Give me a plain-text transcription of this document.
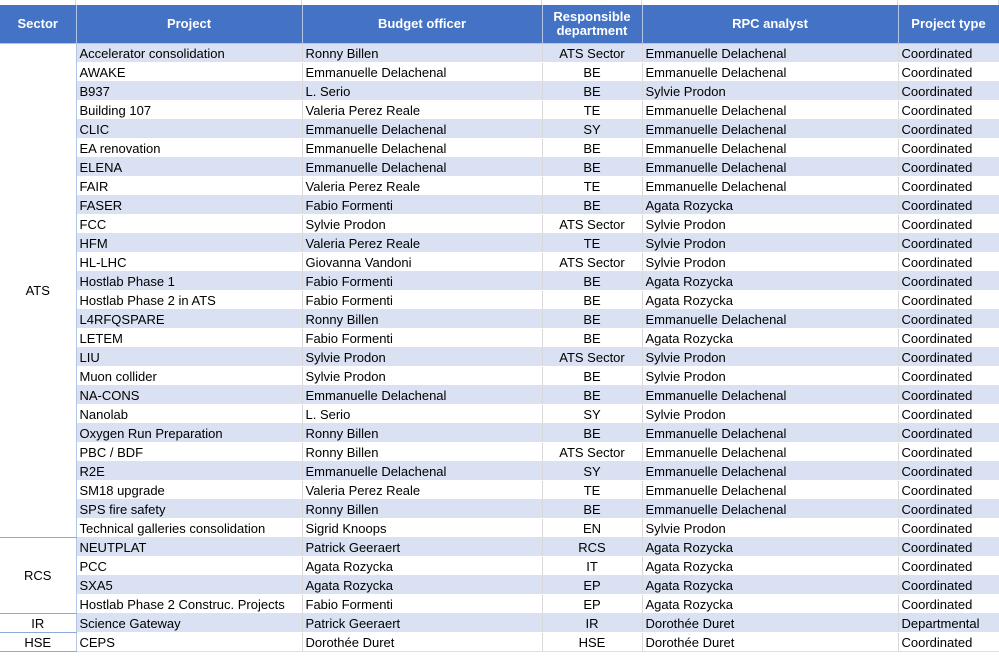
Sector	Project	Budget officer	Responsible department	RPC analyst	Project type
ATS	Accelerator consolidation	Ronny Billen	ATS Sector	Emmanuelle Delachenal	Coordinated
	AWAKE	Emmanuelle Delachenal	BE	Emmanuelle Delachenal	Coordinated
	B937	L. Serio	BE	Sylvie Prodon	Coordinated
	Building 107	Valeria Perez Reale	TE	Emmanuelle Delachenal	Coordinated
	CLIC	Emmanuelle Delachenal	SY	Emmanuelle Delachenal	Coordinated
	EA renovation	Emmanuelle Delachenal	BE	Emmanuelle Delachenal	Coordinated
	ELENA	Emmanuelle Delachenal	BE	Emmanuelle Delachenal	Coordinated
	FAIR	Valeria Perez Reale	TE	Emmanuelle Delachenal	Coordinated
	FASER	Fabio Formenti	BE	Agata Rozycka	Coordinated
	FCC	Sylvie Prodon	ATS Sector	Sylvie Prodon	Coordinated
	HFM	Valeria Perez Reale	TE	Sylvie Prodon	Coordinated
	HL-LHC	Giovanna Vandoni	ATS Sector	Sylvie Prodon	Coordinated
	Hostlab Phase 1	Fabio Formenti	BE	Agata Rozycka	Coordinated
	Hostlab Phase 2 in ATS	Fabio Formenti	BE	Agata Rozycka	Coordinated
	L4RFQSPARE	Ronny Billen	BE	Emmanuelle Delachenal	Coordinated
	LETEM	Fabio Formenti	BE	Agata Rozycka	Coordinated
	LIU	Sylvie Prodon	ATS Sector	Sylvie Prodon	Coordinated
	Muon collider	Sylvie Prodon	BE	Sylvie Prodon	Coordinated
	NA-CONS	Emmanuelle Delachenal	BE	Emmanuelle Delachenal	Coordinated
	Nanolab	L. Serio	SY	Sylvie Prodon	Coordinated
	Oxygen Run Preparation	Ronny Billen	BE	Emmanuelle Delachenal	Coordinated
	PBC / BDF	Ronny Billen	ATS Sector	Emmanuelle Delachenal	Coordinated
	R2E	Emmanuelle Delachenal	SY	Emmanuelle Delachenal	Coordinated
	SM18 upgrade	Valeria Perez Reale	TE	Emmanuelle Delachenal	Coordinated
	SPS fire safety	Ronny Billen	BE	Emmanuelle Delachenal	Coordinated
	Technical galleries consolidation	Sigrid Knoops	EN	Sylvie Prodon	Coordinated
RCS	NEUTPLAT	Patrick Geeraert	RCS	Agata Rozycka	Coordinated
	PCC	Agata Rozycka	IT	Agata Rozycka	Coordinated
	SXA5	Agata Rozycka	EP	Agata Rozycka	Coordinated
	Hostlab Phase 2 Construc. Projects	Fabio Formenti	EP	Agata Rozycka	Coordinated
IR	Science Gateway	Patrick Geeraert	IR	Dorothée Duret	Departmental
HSE	CEPS	Dorothée Duret	HSE	Dorothée Duret	Coordinated
